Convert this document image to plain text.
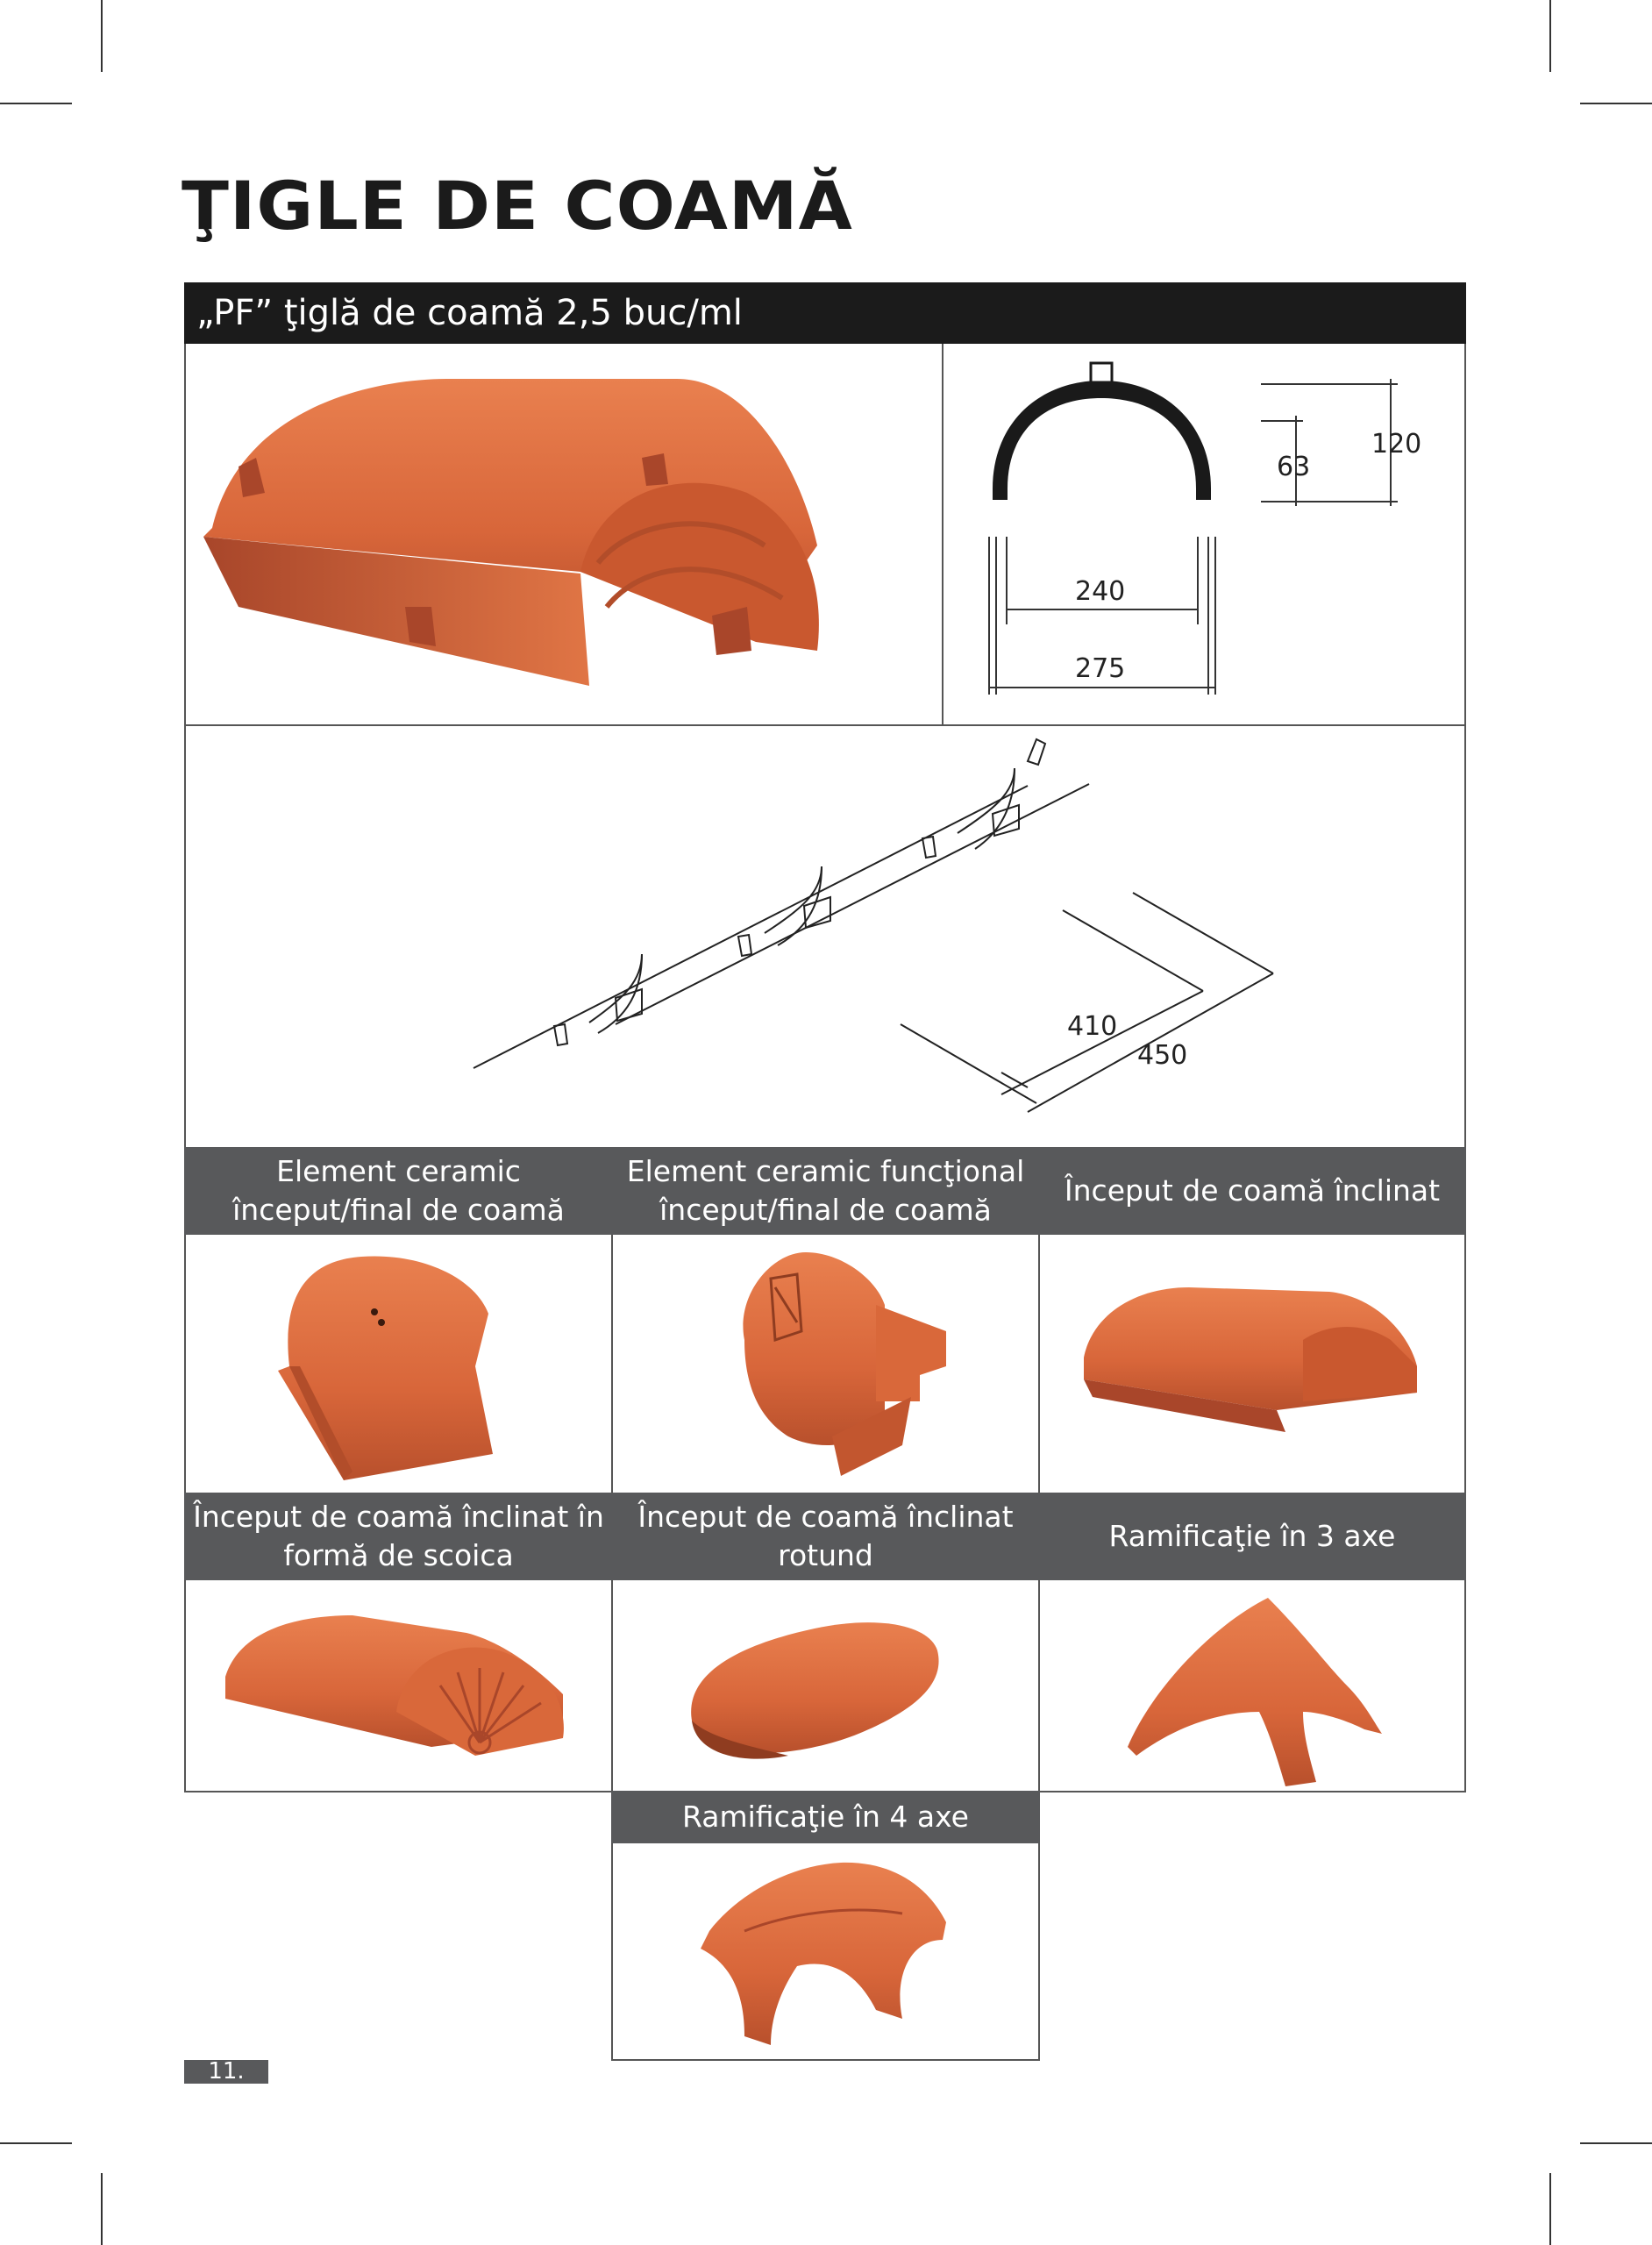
ŢIGLE DE COAMĂ
„PF” ţiglă de coamă 2,5 buc/ml
120
63
240
275
410
450
Element ceramic început/final de coamă
Element ceramic funcţional început/final de coamă
Început de coamă înclinat
Început de coamă înclinat în formă de scoica
Început de coamă înclinat rotund
Ramificaţie în 3 axe
Ramificaţie în 4 axe
11.
